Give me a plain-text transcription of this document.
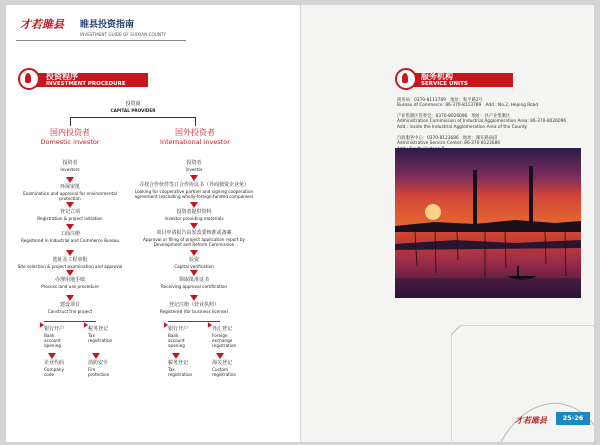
才若雎县 睢县投资指南
INVESTMENT GUIDE OF SUIXIAN COUNTY
投资程序
INVESTMENT PROCEDURE
投资商
CAPITAL PROVIDER
国内投资者
Domestic investor
投资者
Investors
环保审批
Examination and approval for environmental protection
登记立项
Registration & project initiation
工商注册
Registered in Industrial and Commerce Bureau
选址及工程审批
Site selection & project examination and approval
办理用地手续
Process land use procedure
建设项目
Construct the project
银行开户
Bank account opening
税务登记
Tax registration
企业代码
Company code
消防安全
Fire protection
国外投资者
International investor
投资者
Investor
寻找合作伙伴签订合作协议书（外商独资企业免）
Looking for cooperative partner and signing cooperation agreement (excluding wholly-foreign-funded companies)
投资者提供资料
Investor providing materials
项目申请报告由发改委核准或备案
Approval or filing of project application report by Development and Reform Commission
验资
Capital verification
领取批准证书
Receiving approval certification
登记注册（营业执照）
Registered (for business license)
银行开户
Bank account opening
外汇登记
Foreign exchange registration
税务登记
Tax registration
海关登记
Custom registration
服务机构
SERVICE UNITS
商务局：0370-8113789　地址：和平路2号
Bureau of Commerce: 86-370-8113789　Add.: No.2, Heping Road
产业集聚区管委会：0370-8026096　地址：县产业集聚区
Administration Commission of Industrial Agglomeration Area: 86-370-8026096
Add.: inside the Industrial Agglomeration Area of the County
行政服务中心：0370-8123686　地址：湖东路南段
Administrative Service Center: 86-370-8123686
才若雎县	25-26
